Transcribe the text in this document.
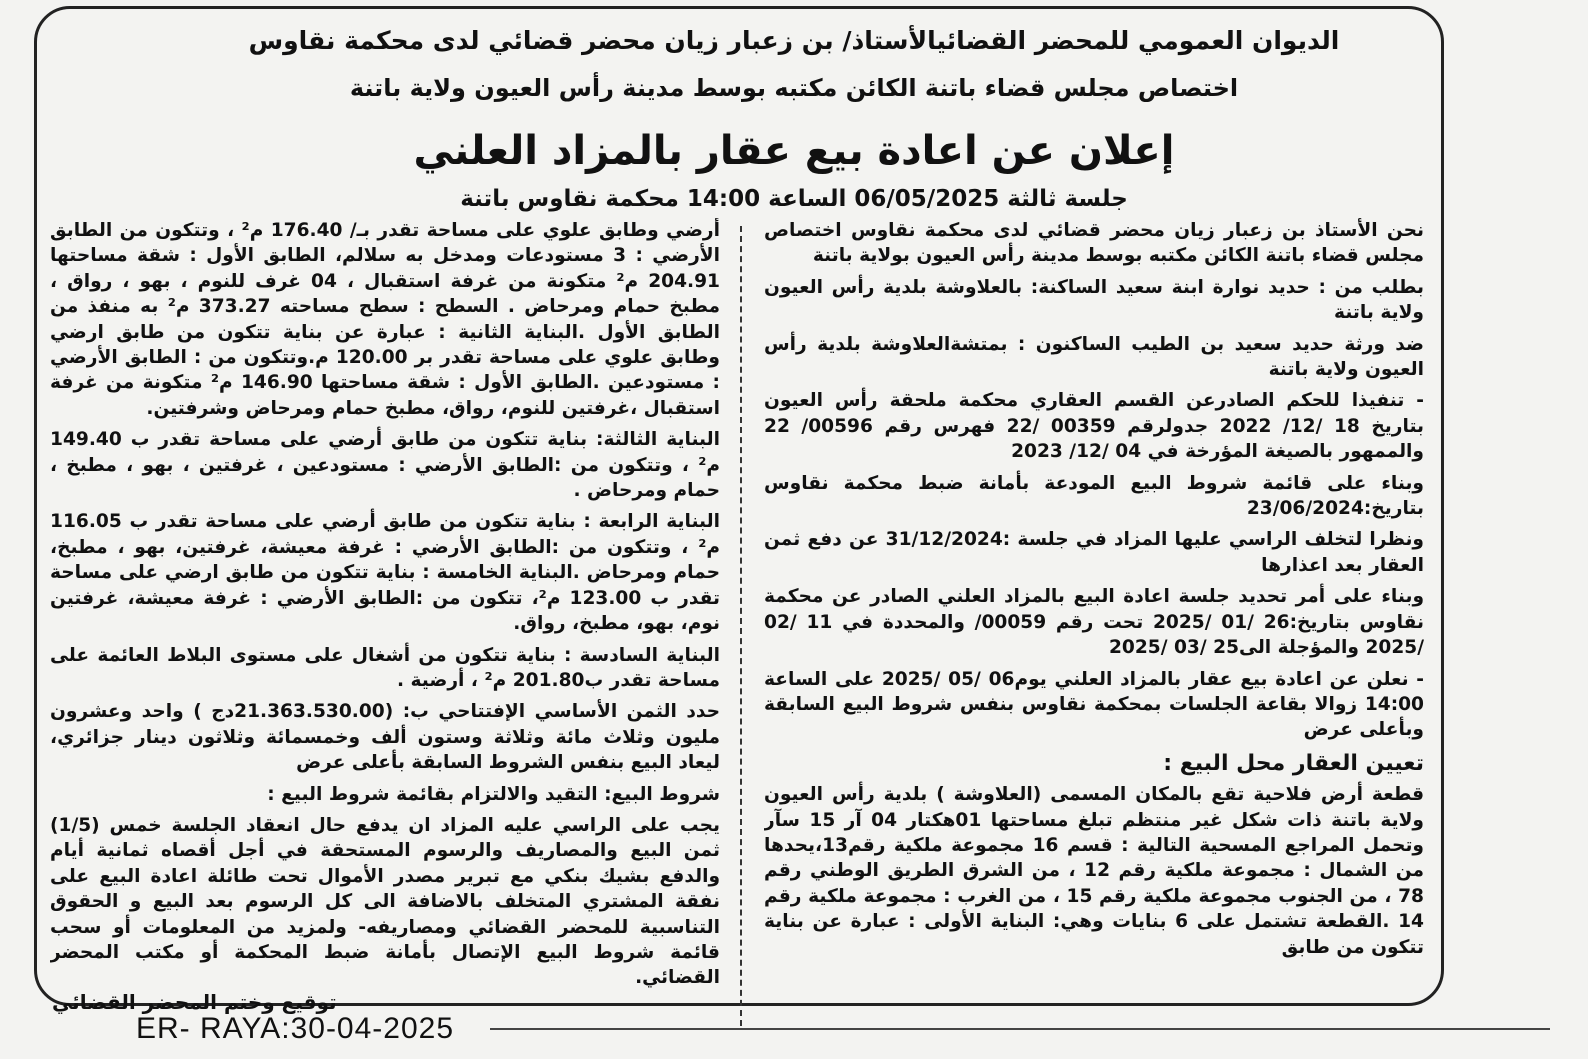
الديوان العمومي للمحضر القضائيالأستاذ/ بن زعبار زيان محضر قضائي لدى محكمة نقاوس
اختصاص مجلس قضاء باتنة الكائن مكتبه بوسط مدينة رأس العيون ولاية باتنة
إعلان عن اعادة بيع عقار بالمزاد العلني
جلسة ثالثة 06/05/2025 الساعة 14:00 محكمة نقاوس باتنة

نحن الأستاذ بن زعبار زيان محضر قضائي لدى محكمة نقاوس اختصاص مجلس قضاء باتنة الكائن مكتبه بوسط مدينة رأس العيون بولاية باتنة

بطلب من : حديد نوارة ابنة سعيد الساكنة: بالعلاوشة بلدية رأس العيون ولاية باتنة

ضد ورثة حديد سعيد بن الطيب الساكنون : بمتشةالعلاوشة بلدية رأس العيون ولاية باتنة

- تنفيذا للحكم الصادرعن القسم العقاري محكمة ملحقة رأس العيون بتاريخ 18 /12/ 2022 جدولرقم 00359 /22 فهرس رقم 00596/ 22 والممهور بالصيغة المؤرخة في 04 /12/ 2023

وبناء على قائمة شروط البيع المودعة بأمانة ضبط محكمة نقاوس بتاريخ:23/06/2024

ونظرا لتخلف الراسي عليها المزاد في جلسة :31/12/2024 عن دفع ثمن العقار بعد اعذارها

وبناء على أمر تحديد جلسة اعادة البيع بالمزاد العلني الصادر عن محكمة نقاوس بتاريخ:26 /01 /2025 تحت رقم 00059/ والمحددة في 11 /02 /2025 والمؤجلة الى25 /03 /2025

- نعلن عن اعادة بيع عقار بالمزاد العلني يوم06 /05 /2025 على الساعة 14:00 زوالا بقاعة الجلسات بمحكمة نقاوس بنفس شروط البيع السابقة وبأعلى عرض

تعيين العقار محل البيع :

قطعة أرض فلاحية تقع بالمكان المسمى (العلاوشة ) بلدية رأس العيون ولاية باتنة ذات شكل غير منتظم تبلغ مساحتها 01هكتار 04 آر 15 سآر وتحمل المراجع المسحية التالية : قسم 16 مجموعة ملكية رقم13،يحدها من الشمال : مجموعة ملكية رقم 12 ، من الشرق الطريق الوطني رقم 78 ، من الجنوب مجموعة ملكية رقم 15 ، من الغرب : مجموعة ملكية رقم 14 .القطعة تشتمل على 6 بنايات وهي: البناية الأولى : عبارة عن بناية تتكون من طابق

أرضي وطابق علوي على مساحة تقدر بـ/ 176.40 م² ، وتتكون من الطابق الأرضي : 3 مستودعات ومدخل به سلالم، الطابق الأول : شقة مساحتها 204.91 م² متكونة من غرفة استقبال ، 04 غرف للنوم ، بهو ، رواق ، مطبخ حمام ومرحاض . السطح : سطح مساحته 373.27 م² به منفذ من الطابق الأول .البناية الثانية : عبارة عن بناية تتكون من طابق ارضي وطابق علوي على مساحة تقدر بر 120.00 م.وتتكون من : الطابق الأرضي : مستودعين .الطابق الأول : شقة مساحتها 146.90 م² متكونة من غرفة استقبال ،غرفتين للنوم، رواق، مطبخ حمام ومرحاض وشرفتين.

البناية الثالثة: بناية تتكون من طابق أرضي على مساحة تقدر ب 149.40 م² ، وتتكون من :الطابق الأرضي : مستودعين ، غرفتين ، بهو ، مطبخ ، حمام ومرحاض .

البناية الرابعة : بناية تتكون من طابق أرضي على مساحة تقدر ب 116.05 م² ، وتتكون من :الطابق الأرضي : غرفة معيشة، غرفتين، بهو ، مطبخ، حمام ومرحاض .البناية الخامسة : بناية تتكون من طابق ارضي على مساحة تقدر ب 123.00 م²، تتكون من :الطابق الأرضي : غرفة معيشة، غرفتين نوم، بهو، مطبخ، رواق.

البناية السادسة : بناية تتكون من أشغال على مستوى البلاط العائمة على مساحة تقدر ب201.80 م² ، أرضية .

حدد الثمن الأساسي الإفتتاحي ب: (21.363.530.00دج ) واحد وعشرون مليون وثلاث مائة وثلاثة وستون ألف وخمسمائة وثلاثون دينار جزائري، ليعاد البيع بنفس الشروط السابقة بأعلى عرض

شروط البيع: التقيد والالتزام بقائمة شروط البيع :

يجب على الراسي عليه المزاد ان يدفع حال انعقاد الجلسة خمس (1/5) ثمن البيع والمصاريف والرسوم المستحقة في أجل أقصاه ثمانية أيام والدفع بشيك بنكي مع تبرير مصدر الأموال تحت طائلة اعادة البيع على نفقة المشتري المتخلف بالاضافة الى كل الرسوم بعد البيع و الحقوق التناسبية للمحضر القضائي ومصاريفه- ولمزيد من المعلومات أو سحب قائمة شروط البيع الإتصال بأمانة ضبط المحكمة أو مكتب المحضر القضائي.

توقيع وختم المحضر القضائي
ER- RAYA:30-04-2025
